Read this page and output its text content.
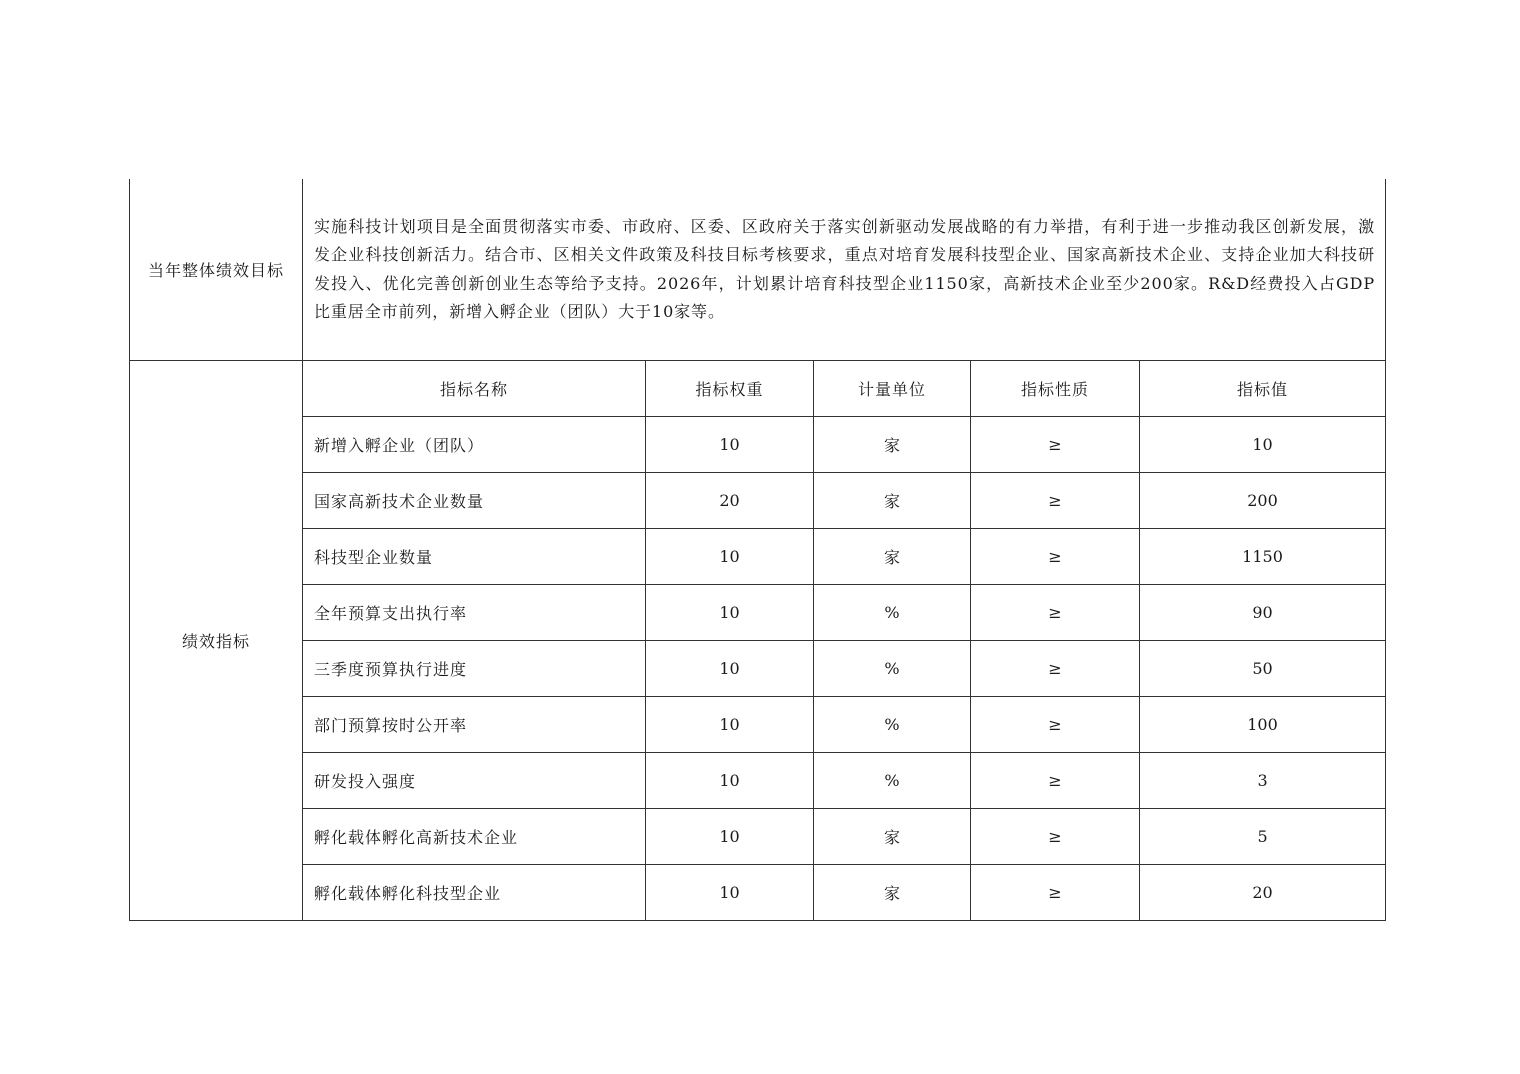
当年整体绩效目标	实施科技计划项目是全面贯彻落实市委、市政府、区委、区政府关于落实创新驱动发展战略的有力举措，有利于进一步推动我区创新发展，激发企业科技创新活力。结合市、区相关文件政策及科技目标考核要求，重点对培育发展科技型企业、国家高新技术企业、支持企业加大科技研发投入、优化完善创新创业生态等给予支持。2026年，计划累计培育科技型企业1150家，高新技术企业至少200家。R&D经费投入占GDP比重居全市前列，新增入孵企业（团队）大于10家等。				
绩效指标	指标名称	指标权重	计量单位	指标性质	指标值
	新增入孵企业（团队）	10	家	≥	10
	国家高新技术企业数量	20	家	≥	200
	科技型企业数量	10	家	≥	1150
	全年预算支出执行率	10	%	≥	90
	三季度预算执行进度	10	%	≥	50
	部门预算按时公开率	10	%	≥	100
	研发投入强度	10	%	≥	3
	孵化载体孵化高新技术企业	10	家	≥	5
	孵化载体孵化科技型企业	10	家	≥	20
